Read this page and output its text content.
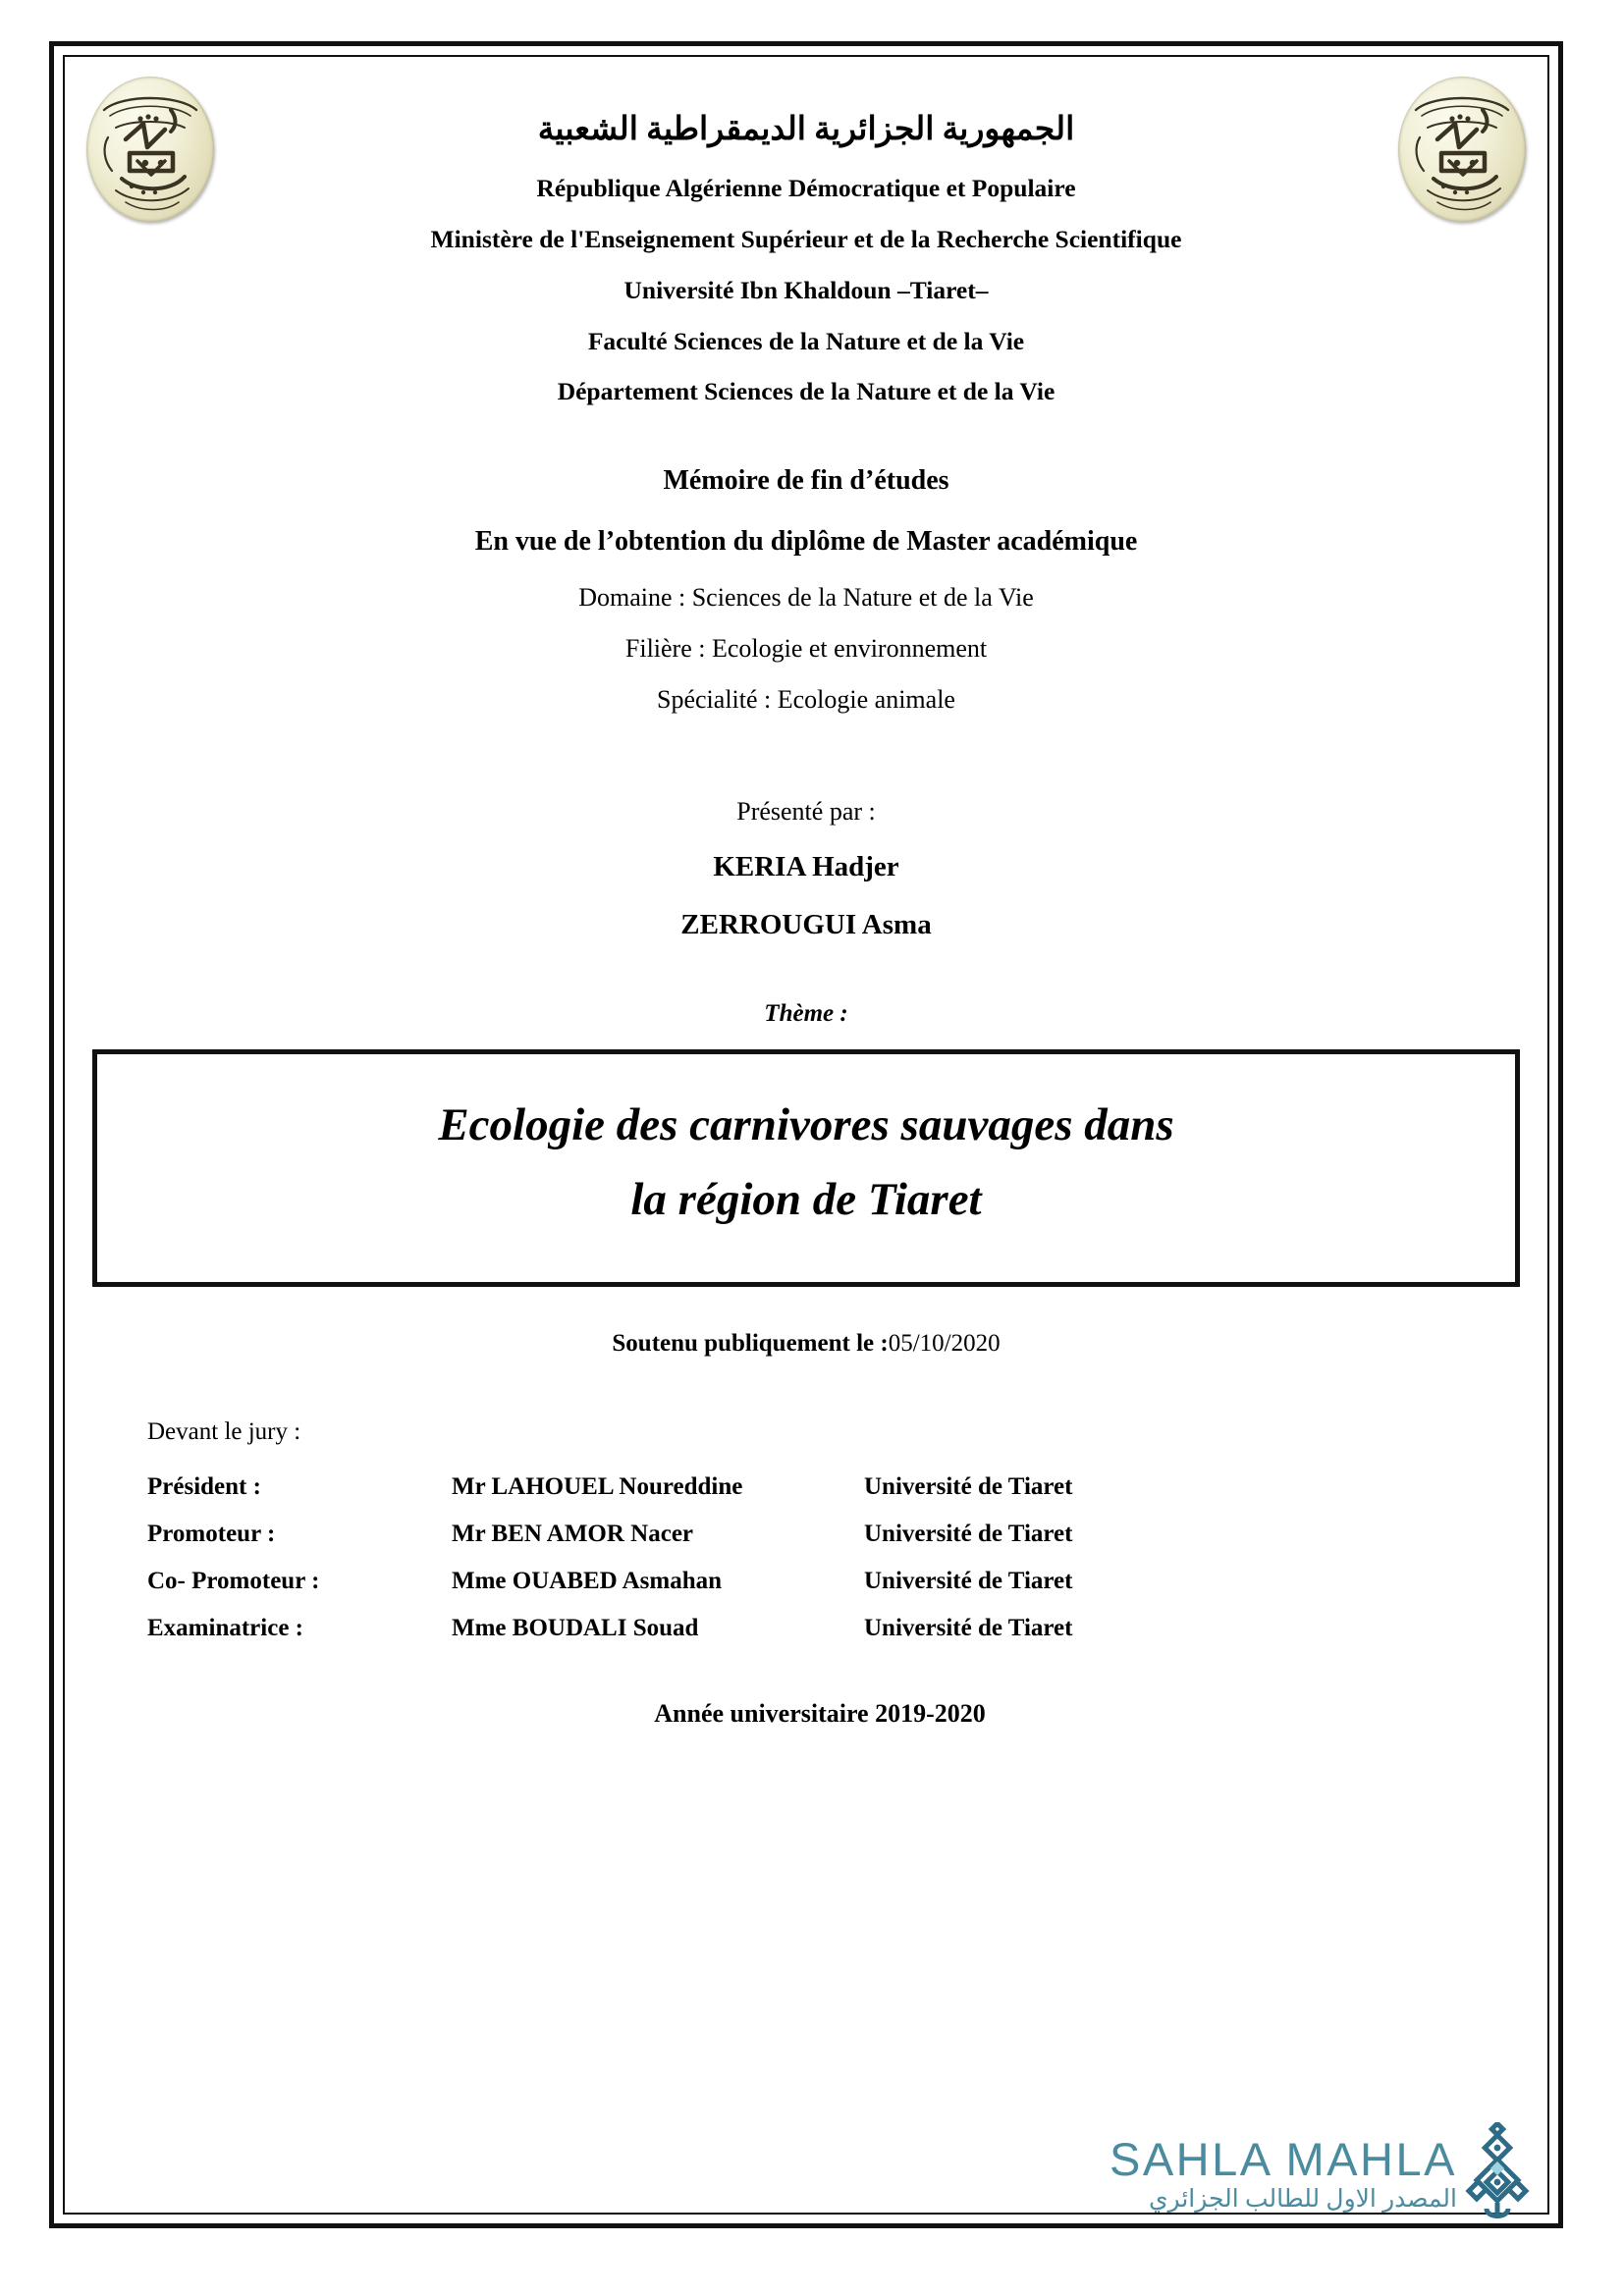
الجمهورية الجزائرية الديمقراطية الشعبية
République Algérienne Démocratique et Populaire
Ministère de l'Enseignement Supérieur et de la Recherche Scientifique
Université Ibn Khaldoun –Tiaret–
Faculté Sciences de la Nature et de la Vie
Département Sciences de la Nature et de la Vie
Mémoire de fin d’études
En vue de l’obtention du diplôme de Master académique
Domaine : Sciences de la Nature et de la Vie
Filière : Ecologie et environnement
Spécialité : Ecologie animale
Présenté par :
KERIA Hadjer
ZERROUGUI Asma
Thème :
Ecologie des carnivores sauvages dans
la région de Tiaret
Soutenu publiquement le :05/10/2020
Devant le jury :
Président :	Mr LAHOUEL Noureddine	Université de Tiaret
Promoteur :	Mr BEN AMOR Nacer	Université de Tiaret
Co- Promoteur :	Mme OUABED Asmahan	Université de Tiaret
Examinatrice :	Mme BOUDALI Souad	Université de Tiaret
Année universitaire 2019-2020
SAHLA MAHLA
المصدر الاول للطالب الجزائري
